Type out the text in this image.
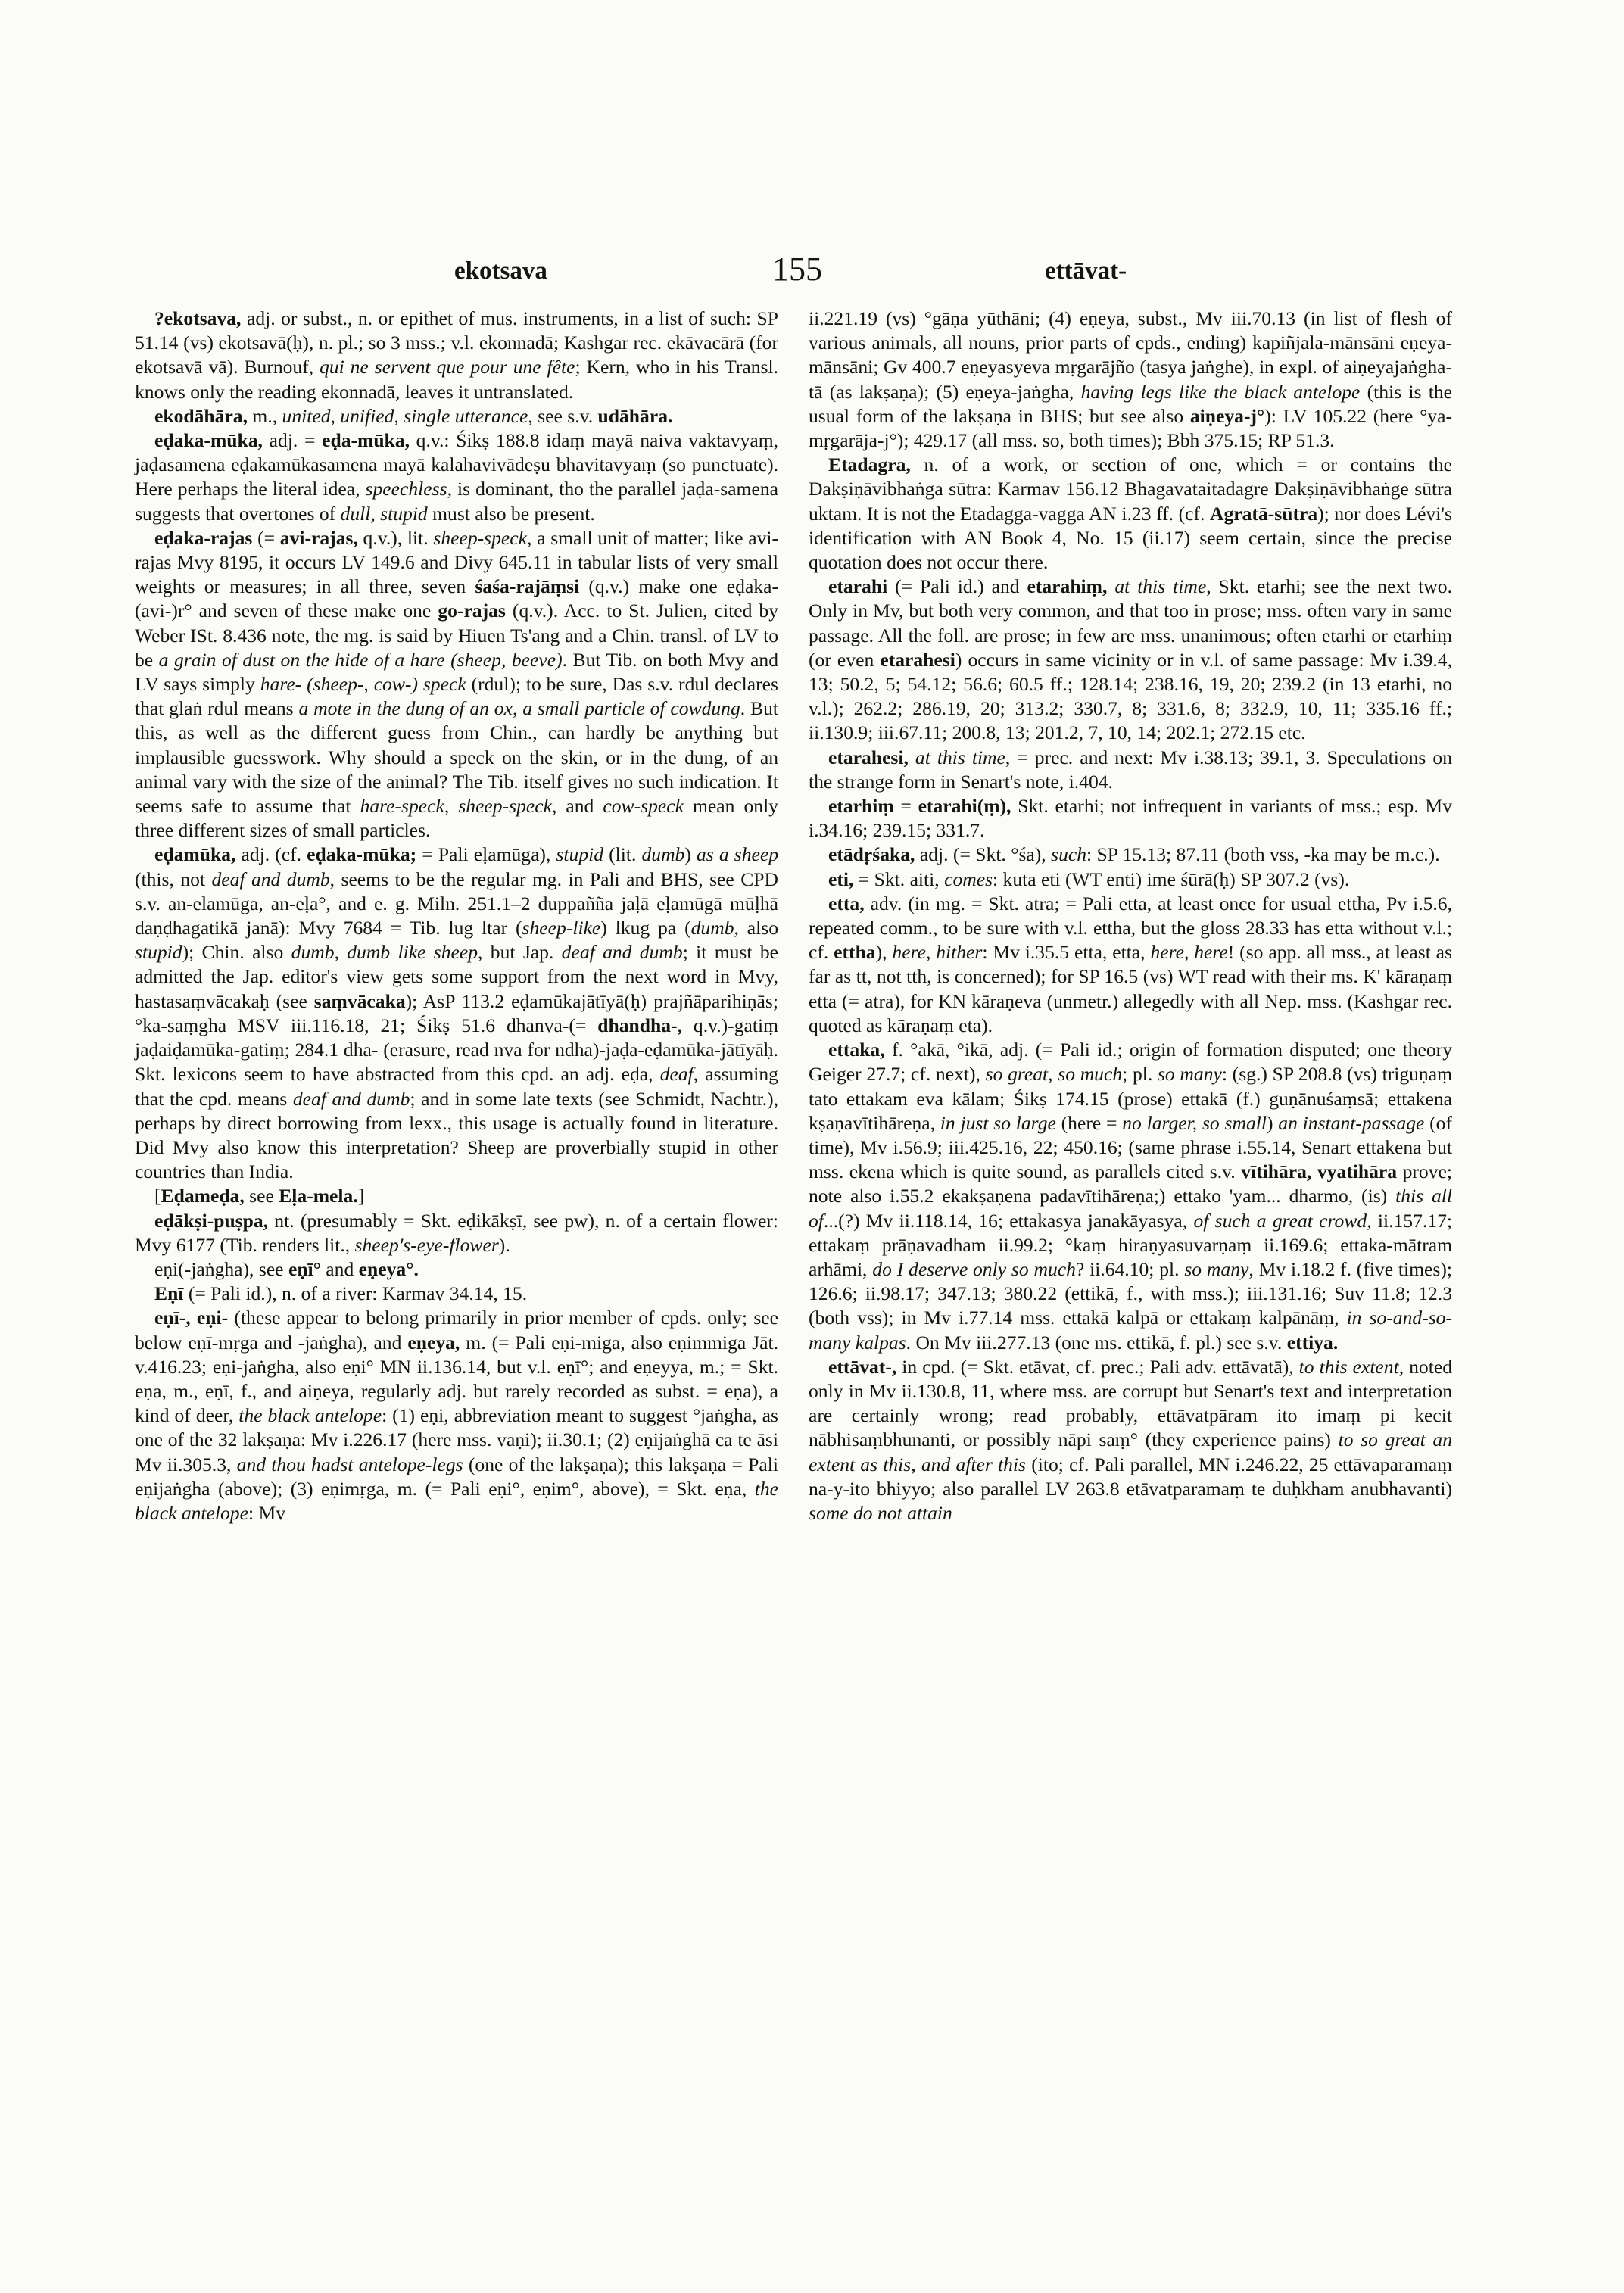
ekotsava	155	ettāvat-

?ekotsava, adj. or subst., n. or epithet of mus. instruments, in a list of such: SP 51.14 (vs) ekotsavā(ḥ), n. pl.; so 3 mss.; v.l. ekonnadā; Kashgar rec. ekāvacārā (for ekotsavā vā). Burnouf, qui ne servent que pour une fête; Kern, who in his Transl. knows only the reading ekonnadā, leaves it untranslated.

ekodāhāra, m., united, unified, single utterance, see s.v. udāhāra.

eḍaka-mūka, adj. = eḍa-mūka, q.v.: Śikṣ 188.8 idaṃ mayā naiva vaktavyaṃ, jaḍasamena eḍakamūkasamena mayā kalahavivādeṣu bhavitavyaṃ (so punctuate). Here perhaps the literal idea, speechless, is dominant, tho the parallel jaḍa-samena suggests that overtones of dull, stupid must also be present.

eḍaka-rajas (= avi-rajas, q.v.), lit. sheep-speck, a small unit of matter; like avi-rajas Mvy 8195, it occurs LV 149.6 and Divy 645.11 in tabular lists of very small weights or measures; in all three, seven śaśa-rajāṃsi (q.v.) make one eḍaka-(avi-)r° and seven of these make one go-rajas (q.v.). Acc. to St. Julien, cited by Weber ISt. 8.436 note, the mg. is said by Hiuen Ts'ang and a Chin. transl. of LV to be a grain of dust on the hide of a hare (sheep, beeve). But Tib. on both Mvy and LV says simply hare- (sheep-, cow-) speck (rdul); to be sure, Das s.v. rdul declares that glaṅ rdul means a mote in the dung of an ox, a small particle of cowdung. But this, as well as the different guess from Chin., can hardly be anything but implausible guesswork. Why should a speck on the skin, or in the dung, of an animal vary with the size of the animal? The Tib. itself gives no such indication. It seems safe to assume that hare-speck, sheep-speck, and cow-speck mean only three different sizes of small particles.

eḍamūka, adj. (cf. eḍaka-mūka; = Pali eḷamūga), stupid (lit. dumb) as a sheep (this, not deaf and dumb, seems to be the regular mg. in Pali and BHS, see CPD s.v. an-elamūga, an-eḷa°, and e. g. Miln. 251.1–2 duppañña jaḷā eḷamūgā mūḷhā daṇḍhagatikā janā): Mvy 7684 = Tib. lug ltar (sheep-like) lkug pa (dumb, also stupid); Chin. also dumb, dumb like sheep, but Jap. deaf and dumb; it must be admitted the Jap. editor's view gets some support from the next word in Mvy, hastasaṃvācakaḥ (see saṃvācaka); AsP 113.2 eḍamūkajātīyā(ḥ) prajñāparihiṇās; °ka-saṃgha MSV iii.116.18, 21; Śikṣ 51.6 dhanva-(= dhandha-, q.v.)-gatiṃ jaḍaiḍamūka-gatiṃ; 284.1 dha- (erasure, read nva for ndha)-jaḍa-eḍamūka-jātīyāḥ. Skt. lexicons seem to have abstracted from this cpd. an adj. eḍa, deaf, assuming that the cpd. means deaf and dumb; and in some late texts (see Schmidt, Nachtr.), perhaps by direct borrowing from lexx., this usage is actually found in literature. Did Mvy also know this interpretation? Sheep are proverbially stupid in other countries than India.

[Eḍameḍa, see Eḷa-mela.]

eḍākṣi-puṣpa, nt. (presumably = Skt. eḍikākṣī, see pw), n. of a certain flower: Mvy 6177 (Tib. renders lit., sheep's-eye-flower).

eṇi(-jaṅgha), see eṇī° and eṇeya°.

Eṇī (= Pali id.), n. of a river: Karmav 34.14, 15.

eṇī-, eṇi- (these appear to belong primarily in prior member of cpds. only; see below eṇī-mṛga and -jaṅgha), and eṇeya, m. (= Pali eṇi-miga, also eṇimmiga Jāt. v.416.23; eṇi-jaṅgha, also eṇi° MN ii.136.14, but v.l. eṇī°; and eṇeyya, m.; = Skt. eṇa, m., eṇī, f., and aiṇeya, regularly adj. but rarely recorded as subst. = eṇa), a kind of deer, the black antelope: (1) eṇi, abbreviation meant to suggest °jaṅgha, as one of the 32 lakṣaṇa: Mv i.226.17 (here mss. vaṇi); ii.30.1; (2) eṇijaṅghā ca te āsi Mv ii.305.3, and thou hadst antelope-legs (one of the lakṣaṇa); this lakṣaṇa = Pali eṇijaṅgha (above); (3) eṇimṛga, m. (= Pali eṇi°, eṇim°, above), = Skt. eṇa, the black antelope: Mv

ii.221.19 (vs) °gāṇa yūthāni; (4) eṇeya, subst., Mv iii.70.13 (in list of flesh of various animals, all nouns, prior parts of cpds., ending) kapiñjala-mānsāni eṇeya-mānsāni; Gv 400.7 eṇeyasyeva mṛgarājño (tasya jaṅghe), in expl. of aiṇeyajaṅgha-tā (as lakṣaṇa); (5) eṇeya-jaṅgha, having legs like the black antelope (this is the usual form of the lakṣaṇa in BHS; but see also aiṇeya-j°): LV 105.22 (here °ya-mṛgarāja-j°); 429.17 (all mss. so, both times); Bbh 375.15; RP 51.3.

Etadagra, n. of a work, or section of one, which = or contains the Dakṣiṇāvibhaṅga sūtra: Karmav 156.12 Bhagavataitadagre Dakṣiṇāvibhaṅge sūtra uktam. It is not the Etadagga-vagga AN i.23 ff. (cf. Agratā-sūtra); nor does Lévi's identification with AN Book 4, No. 15 (ii.17) seem certain, since the precise quotation does not occur there.

etarahi (= Pali id.) and etarahiṃ, at this time, Skt. etarhi; see the next two. Only in Mv, but both very common, and that too in prose; mss. often vary in same passage. All the foll. are prose; in few are mss. unanimous; often etarhi or etarhiṃ (or even etarahesi) occurs in same vicinity or in v.l. of same passage: Mv i.39.4, 13; 50.2, 5; 54.12; 56.6; 60.5 ff.; 128.14; 238.16, 19, 20; 239.2 (in 13 etarhi, no v.l.); 262.2; 286.19, 20; 313.2; 330.7, 8; 331.6, 8; 332.9, 10, 11; 335.16 ff.; ii.130.9; iii.67.11; 200.8, 13; 201.2, 7, 10, 14; 202.1; 272.15 etc.

etarahesi, at this time, = prec. and next: Mv i.38.13; 39.1, 3. Speculations on the strange form in Senart's note, i.404.

etarhiṃ = etarahi(ṃ), Skt. etarhi; not infrequent in variants of mss.; esp. Mv i.34.16; 239.15; 331.7.

etādṛśaka, adj. (= Skt. °śa), such: SP 15.13; 87.11 (both vss, -ka may be m.c.).

eti, = Skt. aiti, comes: kuta eti (WT enti) ime śūrā(ḥ) SP 307.2 (vs).

etta, adv. (in mg. = Skt. atra; = Pali etta, at least once for usual ettha, Pv i.5.6, repeated comm., to be sure with v.l. ettha, but the gloss 28.33 has etta without v.l.; cf. ettha), here, hither: Mv i.35.5 etta, etta, here, here! (so app. all mss., at least as far as tt, not tth, is concerned); for SP 16.5 (vs) WT read with their ms. K' kāraṇaṃ etta (= atra), for KN kāraṇeva (unmetr.) allegedly with all Nep. mss. (Kashgar rec. quoted as kāraṇaṃ eta).

ettaka, f. °akā, °ikā, adj. (= Pali id.; origin of formation disputed; one theory Geiger 27.7; cf. next), so great, so much; pl. so many: (sg.) SP 208.8 (vs) triguṇaṃ tato ettakam eva kālam; Śikṣ 174.15 (prose) ettakā (f.) guṇānuśaṃsā; ettakena kṣaṇavītihāreṇa, in just so large (here = no larger, so small) an instant-passage (of time), Mv i.56.9; iii.425.16, 22; 450.16; (same phrase i.55.14, Senart ettakena but mss. ekena which is quite sound, as parallels cited s.v. vītihāra, vyatihāra prove; note also i.55.2 ekakṣaṇena padavītihāreṇa;) ettako 'yam... dharmo, (is) this all of...(?) Mv ii.118.14, 16; ettakasya janakāyasya, of such a great crowd, ii.157.17; ettakaṃ prāṇavadham ii.99.2; °kaṃ hiraṇyasuvarṇaṃ ii.169.6; ettaka-mātram arhāmi, do I deserve only so much? ii.64.10; pl. so many, Mv i.18.2 f. (five times); 126.6; ii.98.17; 347.13; 380.22 (ettikā, f., with mss.); iii.131.16; Suv 11.8; 12.3 (both vss); in Mv i.77.14 mss. ettakā kalpā or ettakaṃ kalpānāṃ, in so-and-so-many kalpas. On Mv iii.277.13 (one ms. ettikā, f. pl.) see s.v. ettiya.

ettāvat-, in cpd. (= Skt. etāvat, cf. prec.; Pali adv. ettāvatā), to this extent, noted only in Mv ii.130.8, 11, where mss. are corrupt but Senart's text and interpretation are certainly wrong; read probably, ettāvatpāram ito imaṃ pi kecit nābhisaṃbhunanti, or possibly nāpi saṃ° (they experience pains) to so great an extent as this, and after this (ito; cf. Pali parallel, MN i.246.22, 25 ettāvaparamaṃ na-y-ito bhiyyo; also parallel LV 263.8 etāvatparamaṃ te duḥkham anubhavanti) some do not attain
